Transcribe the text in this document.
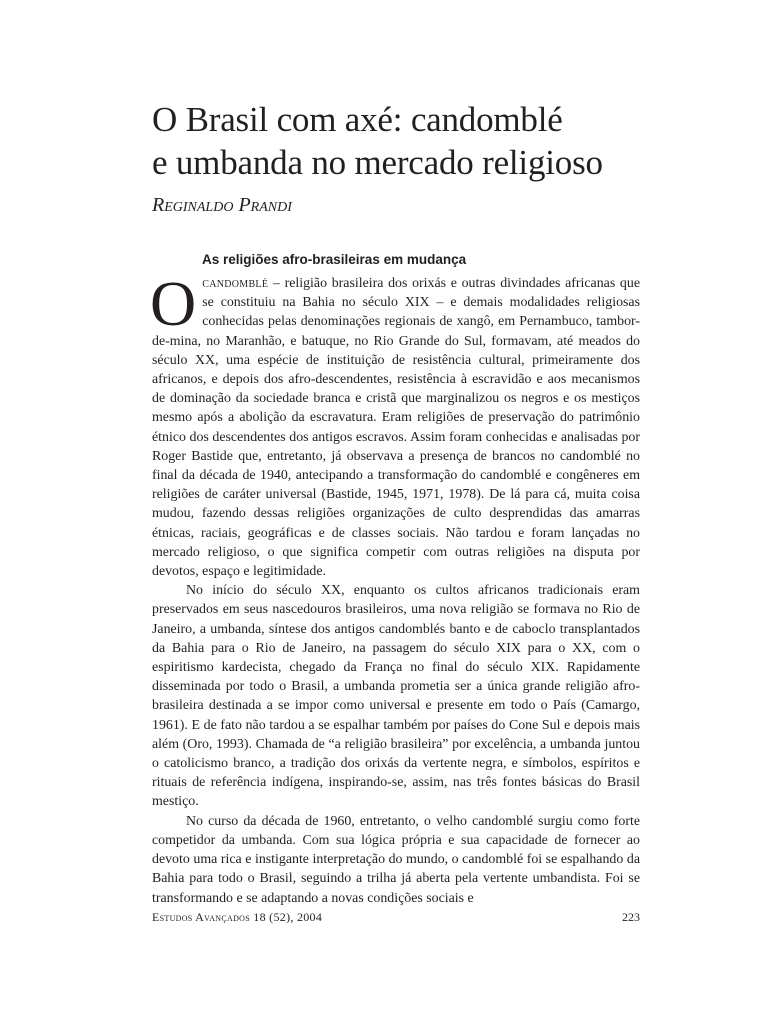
O Brasil com axé: candomblé
e umbanda no mercado religioso
Reginaldo Prandi
As religiões afro-brasileiras em mudança

Ocandomblé – religião brasileira dos orixás e outras divindades africanas que se constituiu na Bahia no século XIX – e demais modalidades religiosas conhecidas pelas denominações regionais de xangô, em Pernambuco, tambor-de-mina, no Maranhão, e batuque, no Rio Grande do Sul, formavam, até meados do século XX, uma espécie de instituição de resistência cultural, primeiramente dos africanos, e depois dos afro-descendentes, resistência à escravidão e aos mecanismos de dominação da sociedade branca e cristã que marginalizou os negros e os mestiços mesmo após a abolição da escravatura. Eram religiões de preservação do patrimônio étnico dos descendentes dos antigos escravos. Assim foram conhecidas e analisadas por Roger Bastide que, entretanto, já observava a presença de brancos no candomblé no final da década de 1940, antecipando a transformação do candomblé e congêneres em religiões de caráter universal (Bastide, 1945, 1971, 1978). De lá para cá, muita coisa mudou, fazendo dessas religiões organizações de culto desprendidas das amarras étnicas, raciais, geográficas e de classes sociais. Não tardou e foram lançadas no mercado religioso, o que significa competir com outras religiões na disputa por devotos, espaço e legitimidade.

No início do século XX, enquanto os cultos africanos tradicionais eram preservados em seus nascedouros brasileiros, uma nova religião se formava no Rio de Janeiro, a umbanda, síntese dos antigos candomblés banto e de caboclo transplantados da Bahia para o Rio de Janeiro, na passagem do século XIX para o XX, com o espiritismo kardecista, chegado da França no final do século XIX. Rapidamente disseminada por todo o Brasil, a umbanda prometia ser a única grande religião afro-brasileira destinada a se impor como universal e presente em todo o País (Camargo, 1961). E de fato não tardou a se espalhar também por países do Cone Sul e depois mais além (Oro, 1993). Chamada de “a religião brasileira” por excelência, a umbanda juntou o catolicismo branco, a tradição dos orixás da vertente negra, e símbolos, espíritos e rituais de referência indígena, inspirando-se, assim, nas três fontes básicas do Brasil mestiço.

No curso da década de 1960, entretanto, o velho candomblé surgiu como forte competidor da umbanda. Com sua lógica própria e sua capacidade de fornecer ao devoto uma rica e instigante interpretação do mundo, o candomblé foi se espalhando da Bahia para todo o Brasil, seguindo a trilha já aberta pela vertente umbandista. Foi se transformando e se adaptando a novas condições sociais e

Estudos Avançados 18 (52), 2004	223
